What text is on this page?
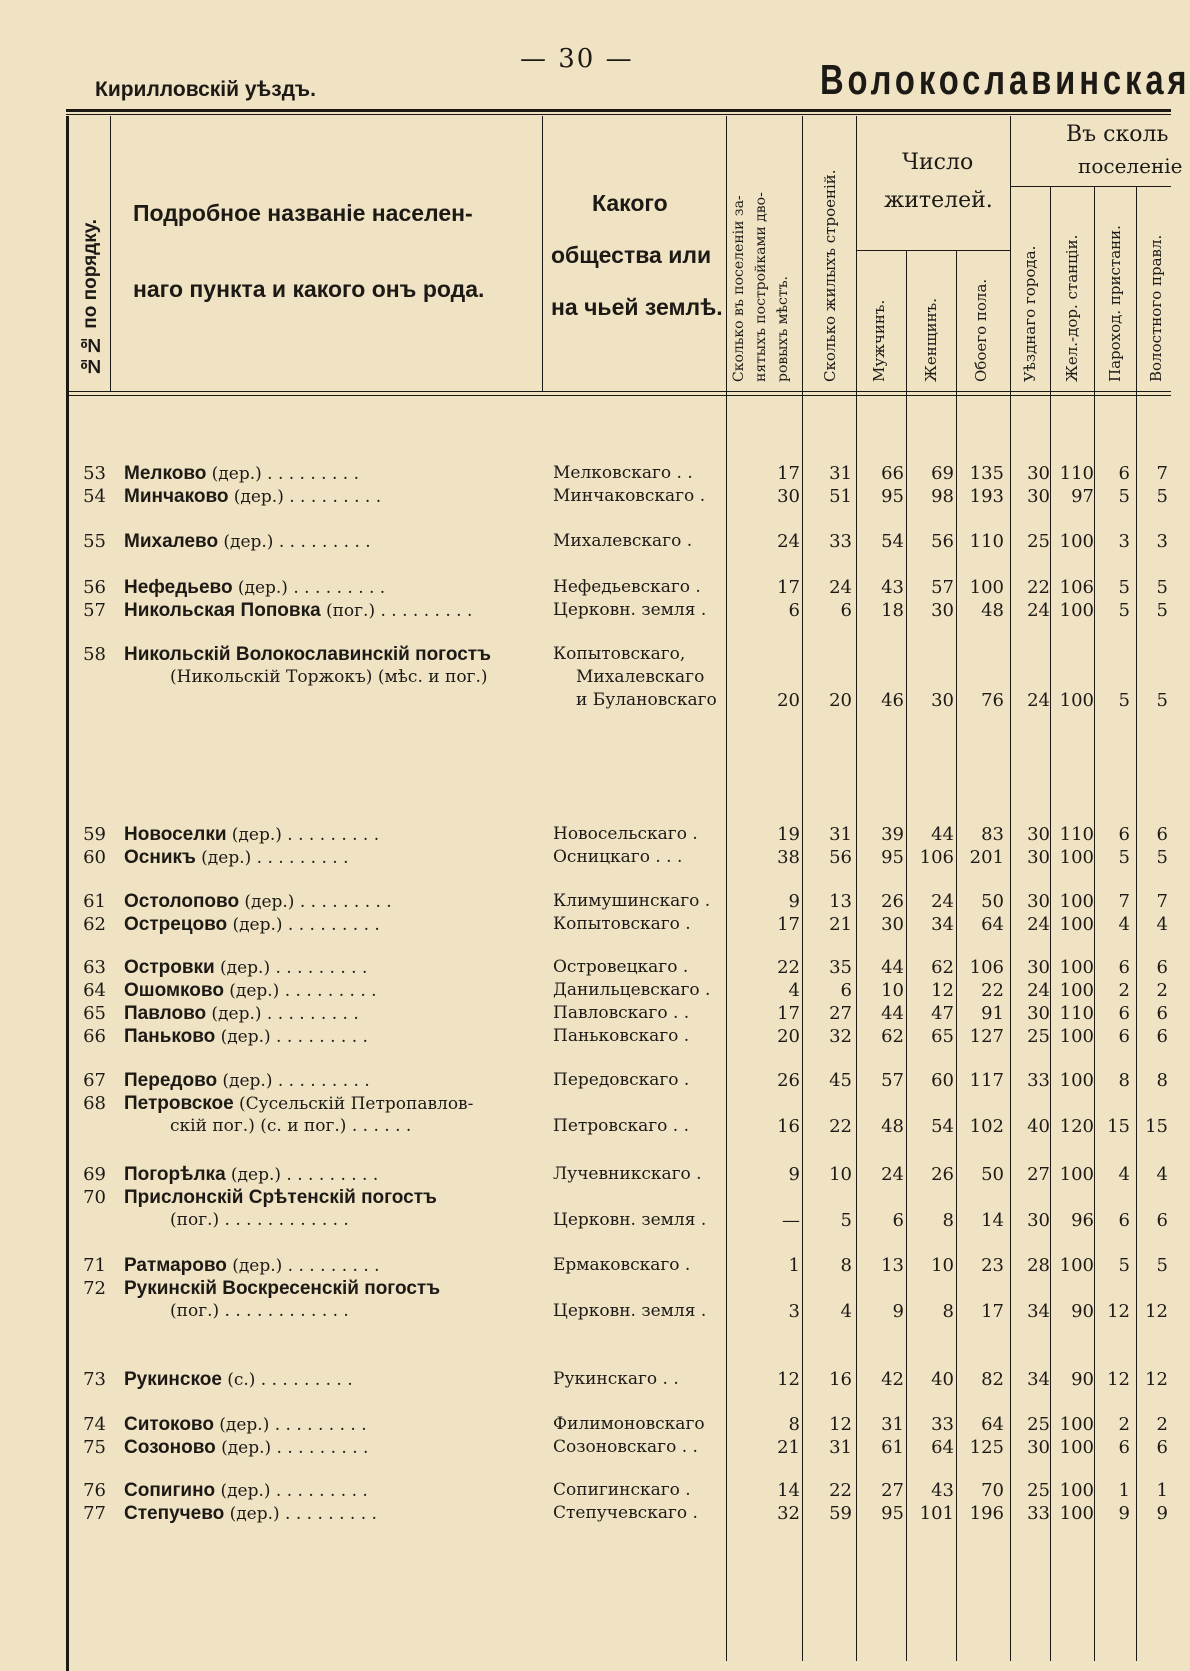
— 30 —
Кирилловскій уѣздъ.	Волокославинская
№№ по порядку.
Подробное названіе населен-
наго пункта и какого онъ рода.
Какого
общества или
на чьей землѣ. Сколько въ поселеніи за- нятыхъ постройками дво- ровыхъ мѣстъ. Сколько жилыхъ строеній.
Число
жителей.
Мужчинъ. Женщинъ. Обоего пола.
Въ сколь
поселеніе
Уѣзднаго города. Жел.-дор. станціи. Пароход. пристани. Волостного правл.
53 Мелково (дер.) . . . . . . . . .	Мелковскаго . .	17	31	66	69 135	30 110	6	7
54 Минчаково (дер.) . . . . . . . . .	Минчаковскаго .	30	51	95	98 193	30	97	5	5
55 Михалево (дер.) . . . . . . . . .	Михалевскаго .	24	33	54	56 110	25 100	3	3
56 Нефедьево (дер.) . . . . . . . . .	Нефедьевскаго .	17	24	43	57 100	22 106	5	5
57 Никольская Поповка (пог.) . . . . . . . . .	Церковн. земля .	6	6	18	30	48	24 100	5	5
58 Никольскій Волокославинскій погостъ
(Никольскій Торжокъ) (мѣс. и пог.)
Копытовскаго,
Михалевскаго
и Булановскаго	20	20	46	30	76	24 100	5	5
59 Новоселки (дер.) . . . . . . . . .	Новосельскаго .	19	31	39	44	83	30 110	6	6
60 Осникъ (дер.) . . . . . . . . .	Осницкаго . . .	38	56	95 106 201	30 100	5	5
61 Остолопово (дер.) . . . . . . . . .	Климушинскаго .	9	13	26	24	50	30 100	7	7
62 Острецово (дер.) . . . . . . . . .	Копытовскаго .	17	21	30	34	64	24 100	4	4
63 Островки (дер.) . . . . . . . . .	Островецкаго .	22	35	44	62 106	30 100	6	6
64 Ошомково (дер.) . . . . . . . . .	Данильцевскаго .	4	6	10	12	22	24 100	2	2
65 Павлово (дер.) . . . . . . . . .	Павловскаго . .	17	27	44	47	91	30 110	6	6
66 Паньково (дер.) . . . . . . . . .	Паньковскаго .	20	32	62	65 127	25 100	6	6
67 Передово (дер.) . . . . . . . . .	Передовскаго .	26	45	57	60 117	33 100	8	8
68 Петровское (Сусельскій Петропавлов-
скій пог.) (с. и пог.) . . . . . .	Петровскаго . .	16	22	48	54 102	40 120 15 15
69 Погорѣлка (дер.) . . . . . . . . .	Лучевникскаго .	9	10	24	26	50	27 100	4	4
70 Прислонскій Срѣтенскій погостъ
(пог.) . . . . . . . . . . . .	Церковн. земля .	—	5	6	8	14	30	96	6	6
71 Ратмарово (дер.) . . . . . . . . .	Ермаковскаго .	1	8	13	10	23	28 100	5	5
72 Рукинскій Воскресенскій погостъ
(пог.) . . . . . . . . . . . .	Церковн. земля .	3	4	9	8	17	34	90 12 12
73 Рукинское (с.) . . . . . . . . .	Рукинскаго . .	12	16	42	40	82	34	90 12 12
74 Ситоково (дер.) . . . . . . . . .	Филимоновскаго	8	12	31	33	64	25 100	2	2
75 Созоново (дер.) . . . . . . . . .	Созоновскаго . .	21	31	61	64 125	30 100	6	6
76 Сопигино (дер.) . . . . . . . . .	Сопигинскаго .	14	22	27	43	70	25 100	1	1
77 Степучево (дер.) . . . . . . . . .	Степучевскаго .	32	59	95 101 196	33 100	9	9
